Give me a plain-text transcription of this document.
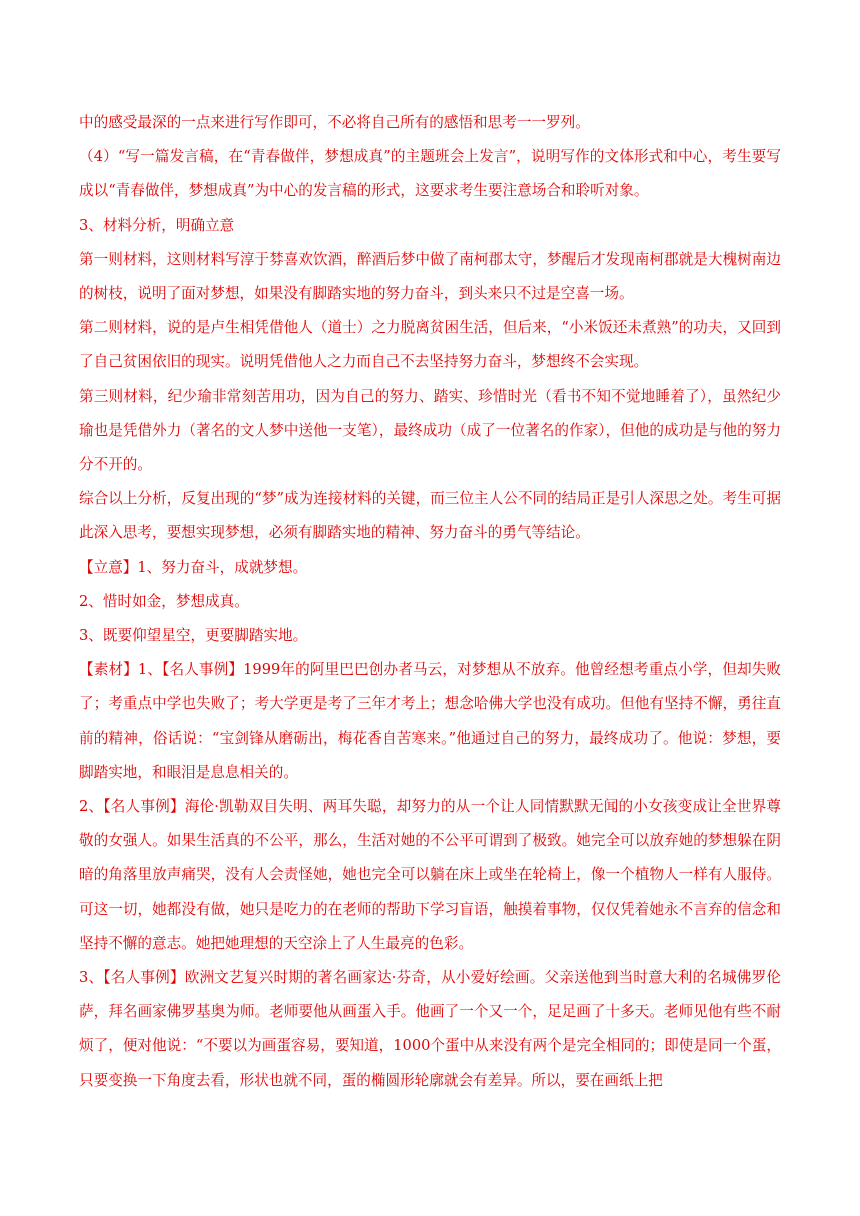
中的感受最深的一点来进行写作即可，不必将自己所有的感悟和思考一一罗列。

（4）“写一篇发言稿，在“青春做伴，梦想成真”的主题班会上发言”，说明写作的文体形式和中心，考生要写成以“青春做伴，梦想成真”为中心的发言稿的形式，这要求考生要注意场合和聆听对象。

3、材料分析，明确立意

第一则材料，这则材料写淳于棼喜欢饮酒，醉酒后梦中做了南柯郡太守，梦醒后才发现南柯郡就是大槐树南边的树枝，说明了面对梦想，如果没有脚踏实地的努力奋斗，到头来只不过是空喜一场。

第二则材料，说的是卢生相凭借他人（道士）之力脱离贫困生活，但后来，“小米饭还未煮熟”的功夫，又回到了自己贫困依旧的现实。说明凭借他人之力而自己不去坚持努力奋斗，梦想终不会实现。

第三则材料，纪少瑜非常刻苦用功，因为自己的努力、踏实、珍惜时光（看书不知不觉地睡着了），虽然纪少瑜也是凭借外力（著名的文人梦中送他一支笔），最终成功（成了一位著名的作家），但他的成功是与他的努力分不开的。

综合以上分析，反复出现的“梦”成为连接材料的关键，而三位主人公不同的结局正是引人深思之处。考生可据此深入思考，要想实现梦想，必须有脚踏实地的精神、努力奋斗的勇气等结论。

【立意】1、努力奋斗，成就梦想。

2、惜时如金，梦想成真。

3、既要仰望星空，更要脚踏实地。

【素材】1、【名人事例】1999年的阿里巴巴创办者马云，对梦想从不放弃。他曾经想考重点小学，但却失败了；考重点中学也失败了；考大学更是考了三年才考上；想念哈佛大学也没有成功。但他有坚持不懈，勇往直前的精神，俗话说：“宝剑锋从磨砺出，梅花香自苦寒来。”他通过自己的努力，最终成功了。他说：梦想，要脚踏实地，和眼泪是息息相关的。

2、【名人事例】海伦·凯勒双目失明、两耳失聪，却努力的从一个让人同情默默无闻的小女孩变成让全世界尊敬的女强人。如果生活真的不公平，那么，生活对她的不公平可谓到了极致。她完全可以放弃她的梦想躲在阴暗的角落里放声痛哭，没有人会责怪她，她也完全可以躺在床上或坐在轮椅上，像一个植物人一样有人服侍。可这一切，她都没有做，她只是吃力的在老师的帮助下学习盲语，触摸着事物，仅仅凭着她永不言弃的信念和坚持不懈的意志。她把她理想的天空涂上了人生最亮的色彩。

3、【名人事例】欧洲文艺复兴时期的著名画家达·芬奇，从小爱好绘画。父亲送他到当时意大利的名城佛罗伦萨，拜名画家佛罗基奥为师。老师要他从画蛋入手。他画了一个又一个，足足画了十多天。老师见他有些不耐烦了，便对他说：“不要以为画蛋容易，要知道，1000个蛋中从来没有两个是完全相同的；即使是同一个蛋，只要变换一下角度去看，形状也就不同，蛋的椭圆形轮廓就会有差异。所以，要在画纸上把
